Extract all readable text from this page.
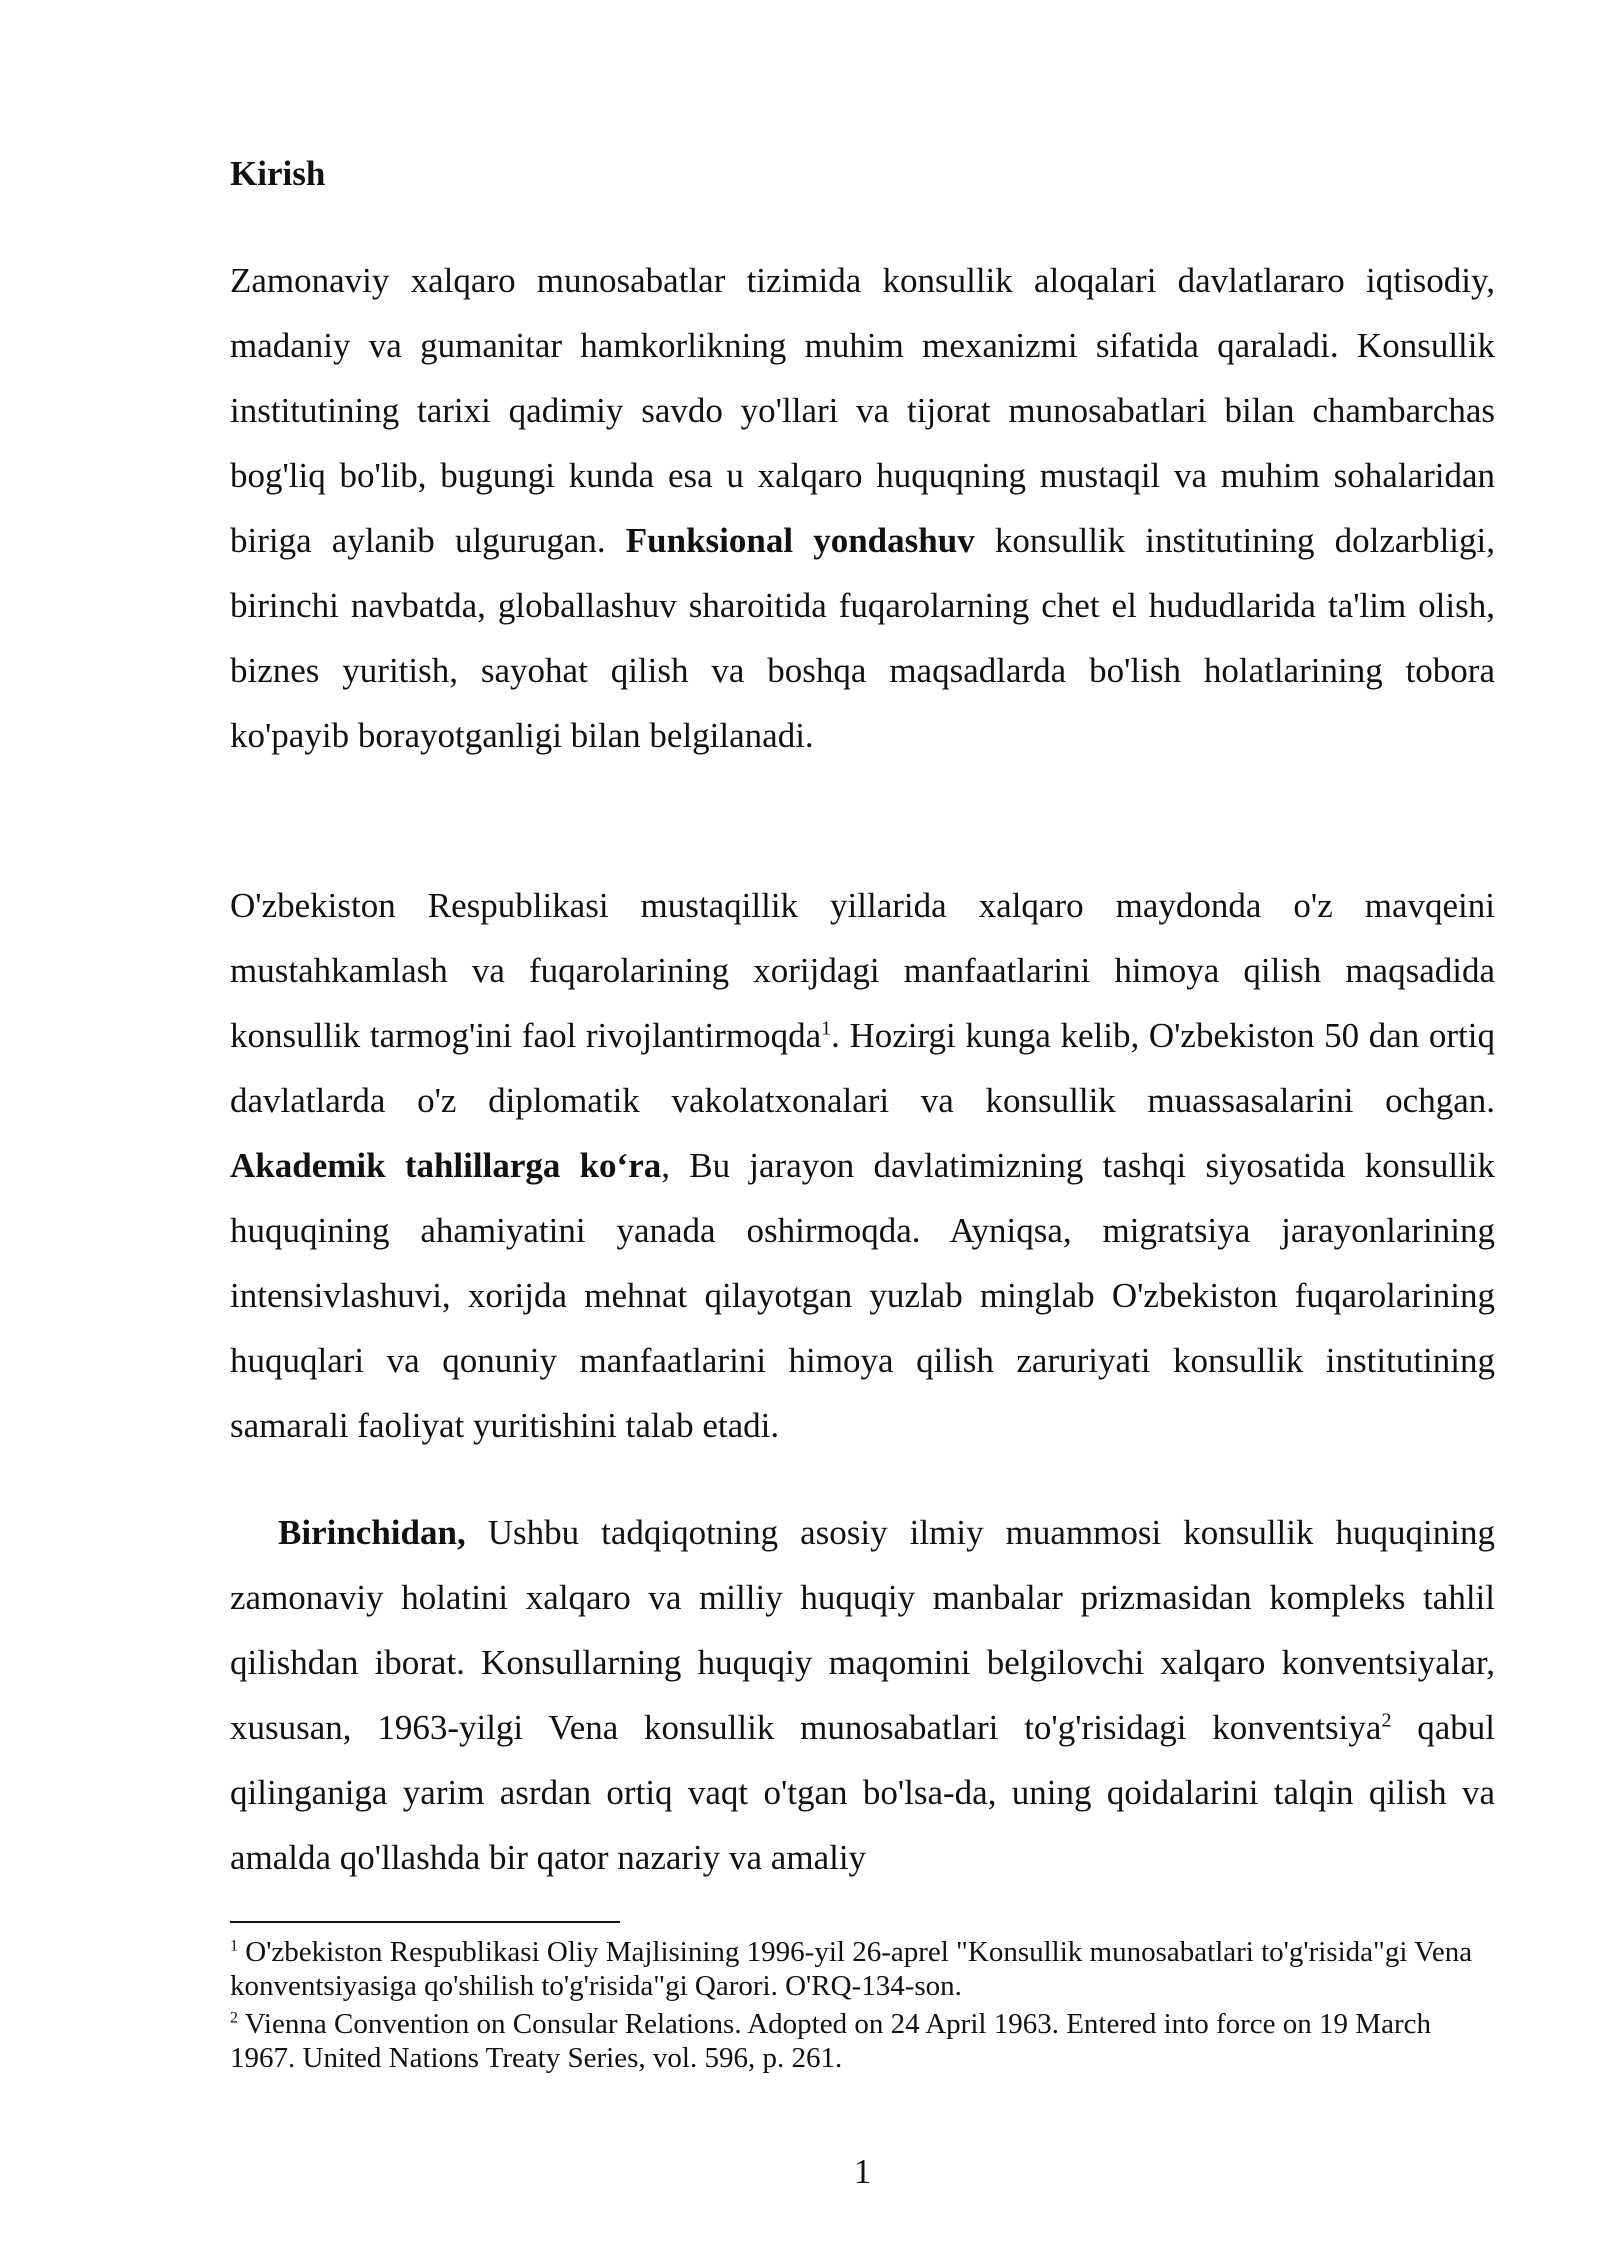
Kirish

Zamonaviy xalqaro munosabatlar tizimida konsullik aloqalari davlatlararo iqtisodiy, madaniy va gumanitar hamkorlikning muhim mexanizmi sifatida qaraladi. Konsullik institutining tarixi qadimiy savdo yo'llari va tijorat munosabatlari bilan chambarchas bog'liq bo'lib, bugungi kunda esa u xalqaro huquqning mustaqil va muhim sohalaridan biriga aylanib ulgurugan. Funksional yondashuv konsullik institutining dolzarbligi, birinchi navbatda, globallashuv sharoitida fuqarolarning chet el hududlarida ta'lim olish, biznes yuritish, sayohat qilish va boshqa maqsadlarda bo'lish holatlarining tobora ko'payib borayotganligi bilan belgilanadi.

O'zbekiston Respublikasi mustaqillik yillarida xalqaro maydonda o'z mavqeini mustahkamlash va fuqarolarining xorijdagi manfaatlarini himoya qilish maqsadida konsullik tarmog'ini faol rivojlantirmoqda$^1$. Hozirgi kunga kelib, O'zbekiston 50 dan ortiq davlatlarda o'z diplomatik vakolatxonalari va konsullik muassasalarini ochgan. Akademik tahlillarga ko‘ra, Bu jarayon davlatimizning tashqi siyosatida konsullik huquqining ahamiyatini yanada oshirmoqda. Ayniqsa, migratsiya jarayonlarining intensivlashuvi, xorijda mehnat qilayotgan yuzlab minglab O'zbekiston fuqarolarining huquqlari va qonuniy manfaatlarini himoya qilish zaruriyati konsullik institutining samarali faoliyat yuritishini talab etadi.

Birinchidan, Ushbu tadqiqotning asosiy ilmiy muammosi konsullik huquqining zamonaviy holatini xalqaro va milliy huquqiy manbalar prizmasidan kompleks tahlil qilishdan iborat. Konsullarning huquqiy maqomini belgilovchi xalqaro konventsiyalar, xususan, 1963-yilgi Vena konsullik munosabatlari to'g'risidagi konventsiya$^2$ qabul qilinganiga yarim asrdan ortiq vaqt o'tgan bo'lsa-da, uning qoidalarini talqin qilish va amalda qo'llashda bir qator nazariy va amaliy

$^1$ O'zbekiston Respublikasi Oliy Majlisining 1996-yil 26-aprel "Konsullik munosabatlari to'g'risida"gi Vena konventsiyasiga qo'shilish to'g'risida"gi Qarori. O'RQ-134-son.

$^2$ Vienna Convention on Consular Relations. Adopted on 24 April 1963. Entered into force on 19 March 1967. United Nations Treaty Series, vol. 596, p. 261.

1
